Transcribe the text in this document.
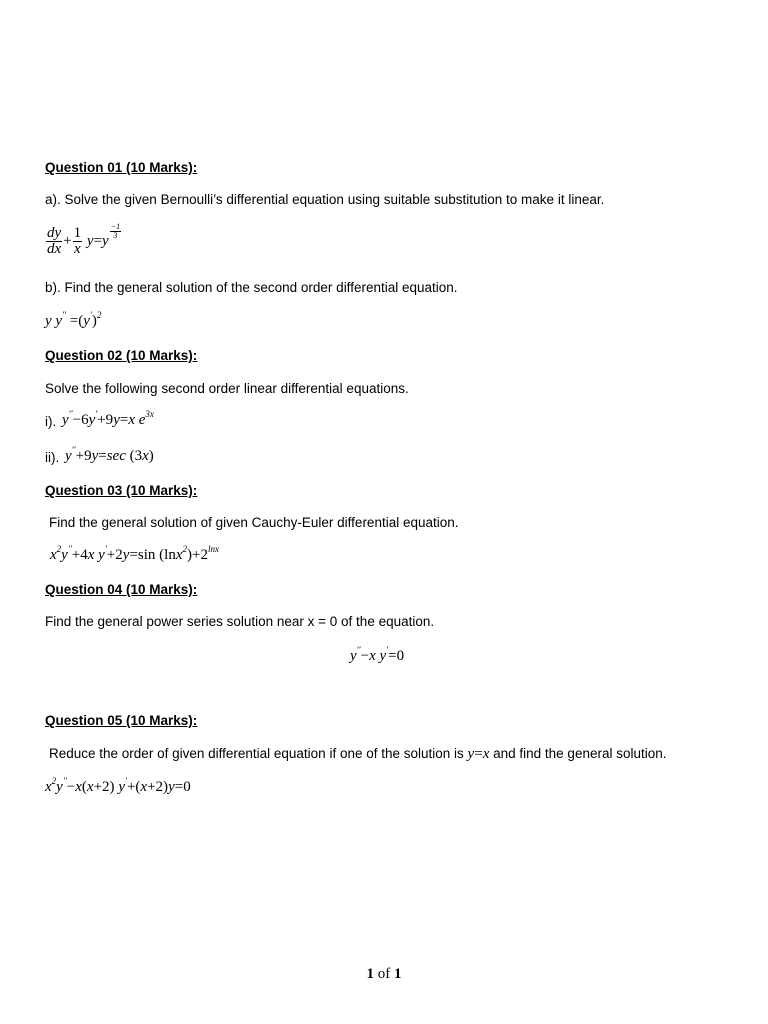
Question 01 (10 Marks):
a). Solve the given Bernoulli’s differential equation using suitable substitution to make it linear.
$\frac{dy}{dx} + \frac{1}{x} y=y$
$^{\frac{-1}{3}}$
b). Find the general solution of the second order differential equation.
y $y'' =(y')^2$
Question 02 (10 Marks):
Solve the following second order linear differential equations.
i). y′′−6y′+9y=x $e^{3x}$
ii). y′′+9y=sec (3x)
Question 03 (10 Marks):
Find the general solution of given Cauchy-Euler differential equation.
$x^2y''+4x$ y′+2y=sin $(\ln x^2)+2^{lnx}$
Question 04 (10 Marks):
Find the general power series solution near x = 0 of the equation.
y′′−x y′=0
Question 05 (10 Marks):
Reduce the order of given differential equation if one of the solution is y=x and find the general solution.
$x^2y''-x(x+2)$ y′+(x+2)y=0
1 of 1
